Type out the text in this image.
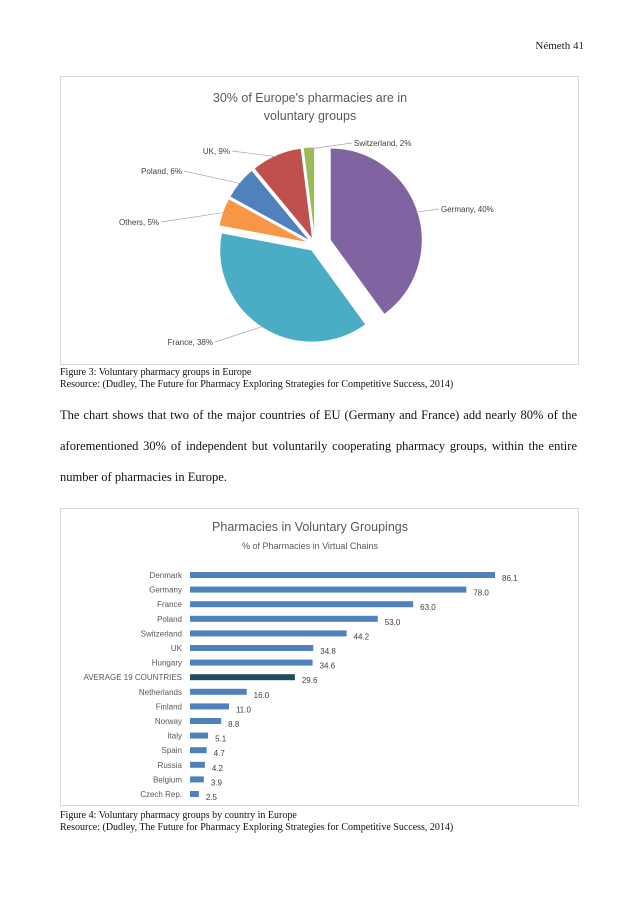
Németh 41
30% of Europe's pharmacies are in
voluntary groups
Germany, 40%
France, 38%
Others, 5%
Poland, 6%
UK, 9%
Switzerland, 2%
Figure 3: Voluntary pharmacy groups in Europe
Resource: (Dudley, The Future for Pharmacy Exploring Strategies for Competitive Success, 2014)
The chart shows that two of the major countries of EU (Germany and France) add nearly 80% of the
aforementioned 30% of independent but voluntarily cooperating pharmacy groups, within the entire
number of pharmacies in Europe.
Pharmacies in Voluntary Groupings
% of Pharmacies in Virtual Chains
Denmark	86.1
Germany	78.0
France	63.0
Poland	53.0
Switzerland	44.2
UK	34.8
Hungary	34.6
AVERAGE 19 COUNTRIES	29.6
Netherlands	16.0
Finland	11.0
Norway	8.8
Italy	5.1
Spain	4.7
Russia	4.2
Belgium	3.9
Czech Rep.	2.5
Figure 4: Voluntary pharmacy groups by country in Europe
Resource: (Dudley, The Future for Pharmacy Exploring Strategies for Competitive Success, 2014)
